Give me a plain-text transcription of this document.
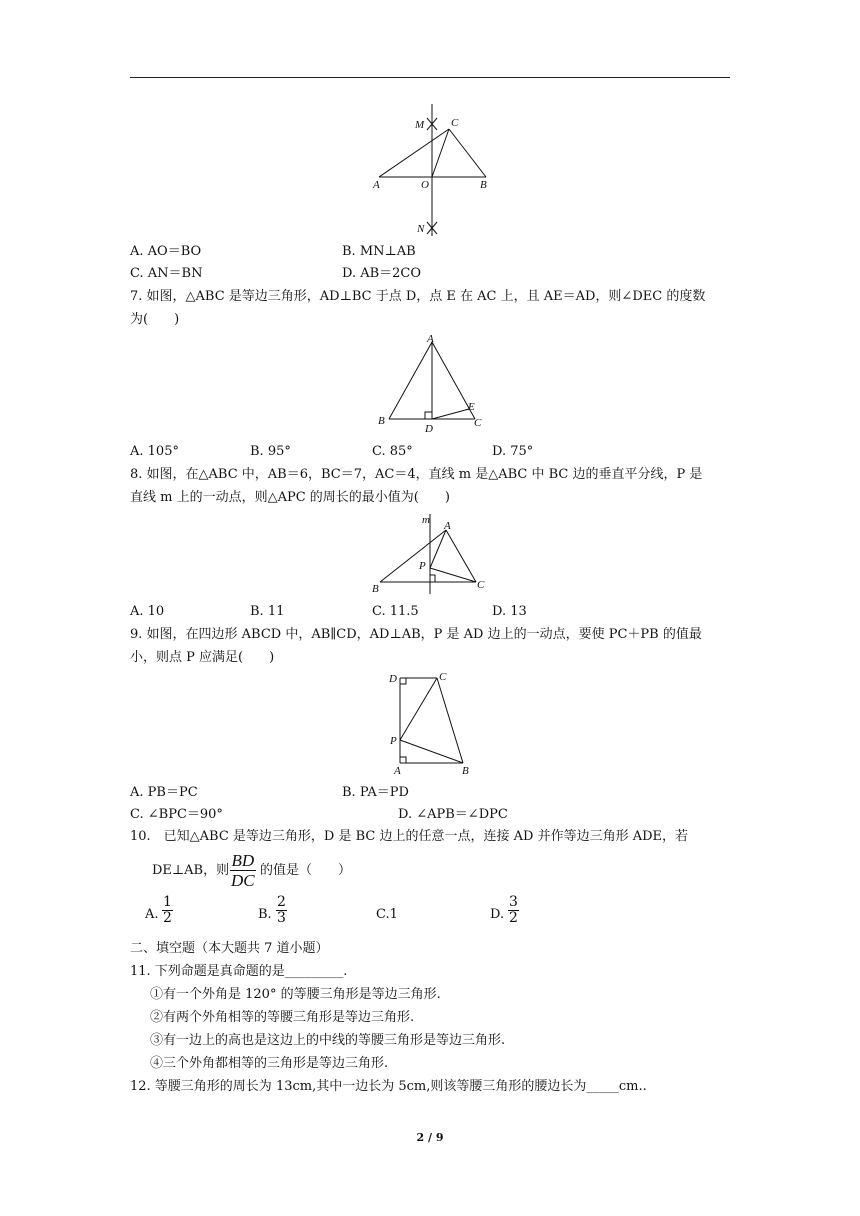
M C
A	O	B
N
A. AO＝BO	B. MN⊥AB
C. AN＝BN	D. AB＝2CO
7. 如图，△ABC 是等边三角形，AD⊥BC 于点 D，点 E 在 AC 上，且 AE＝AD，则∠DEC 的度数
为(　　)
A
B	C
D
E
A. 105°	B. 95°	C. 85°	D. 75°
8. 如图，在△ABC 中，AB＝6，BC＝7，AC＝4，直线 m 是△ABC 中 BC 边的垂直平分线，P 是
直线 m 上的一动点，则△APC 的周长的最小值为(　　)
m A
P
B	C
A. 10	B. 11	C. 11.5	D. 13
9. 如图，在四边形 ABCD 中，AB∥CD，AD⊥AB，P 是 AD 边上的一动点，要使 PC＋PB 的值最
小，则点 P 应满足(　　)
D	C
P
A	B
A. PB＝PC	B. PA＝PD
C. ∠BPC＝90°	D. ∠APB＝∠DPC
10.　已知△ABC 是等边三角形，D 是 BC 边上的任意一点，连接 AD 并作等边三角形 ADE，若
DE⊥AB，则
BD
DC
的值是（　　）
A.
1
2	B.
2
3	C.1	D.
3
2
二、填空题（本大题共 7 道小题）
11. 下列命题是真命题的是_________.
①有一个外角是 120° 的等腰三角形是等边三角形.
②有两个外角相等的等腰三角形是等边三角形.
③有一边上的高也是这边上的中线的等腰三角形是等边三角形.
④三个外角都相等的三角形是等边三角形.
12. 等腰三角形的周长为 13cm,其中一边长为 5cm,则该等腰三角形的腰边长为_____cm..
2 / 9
